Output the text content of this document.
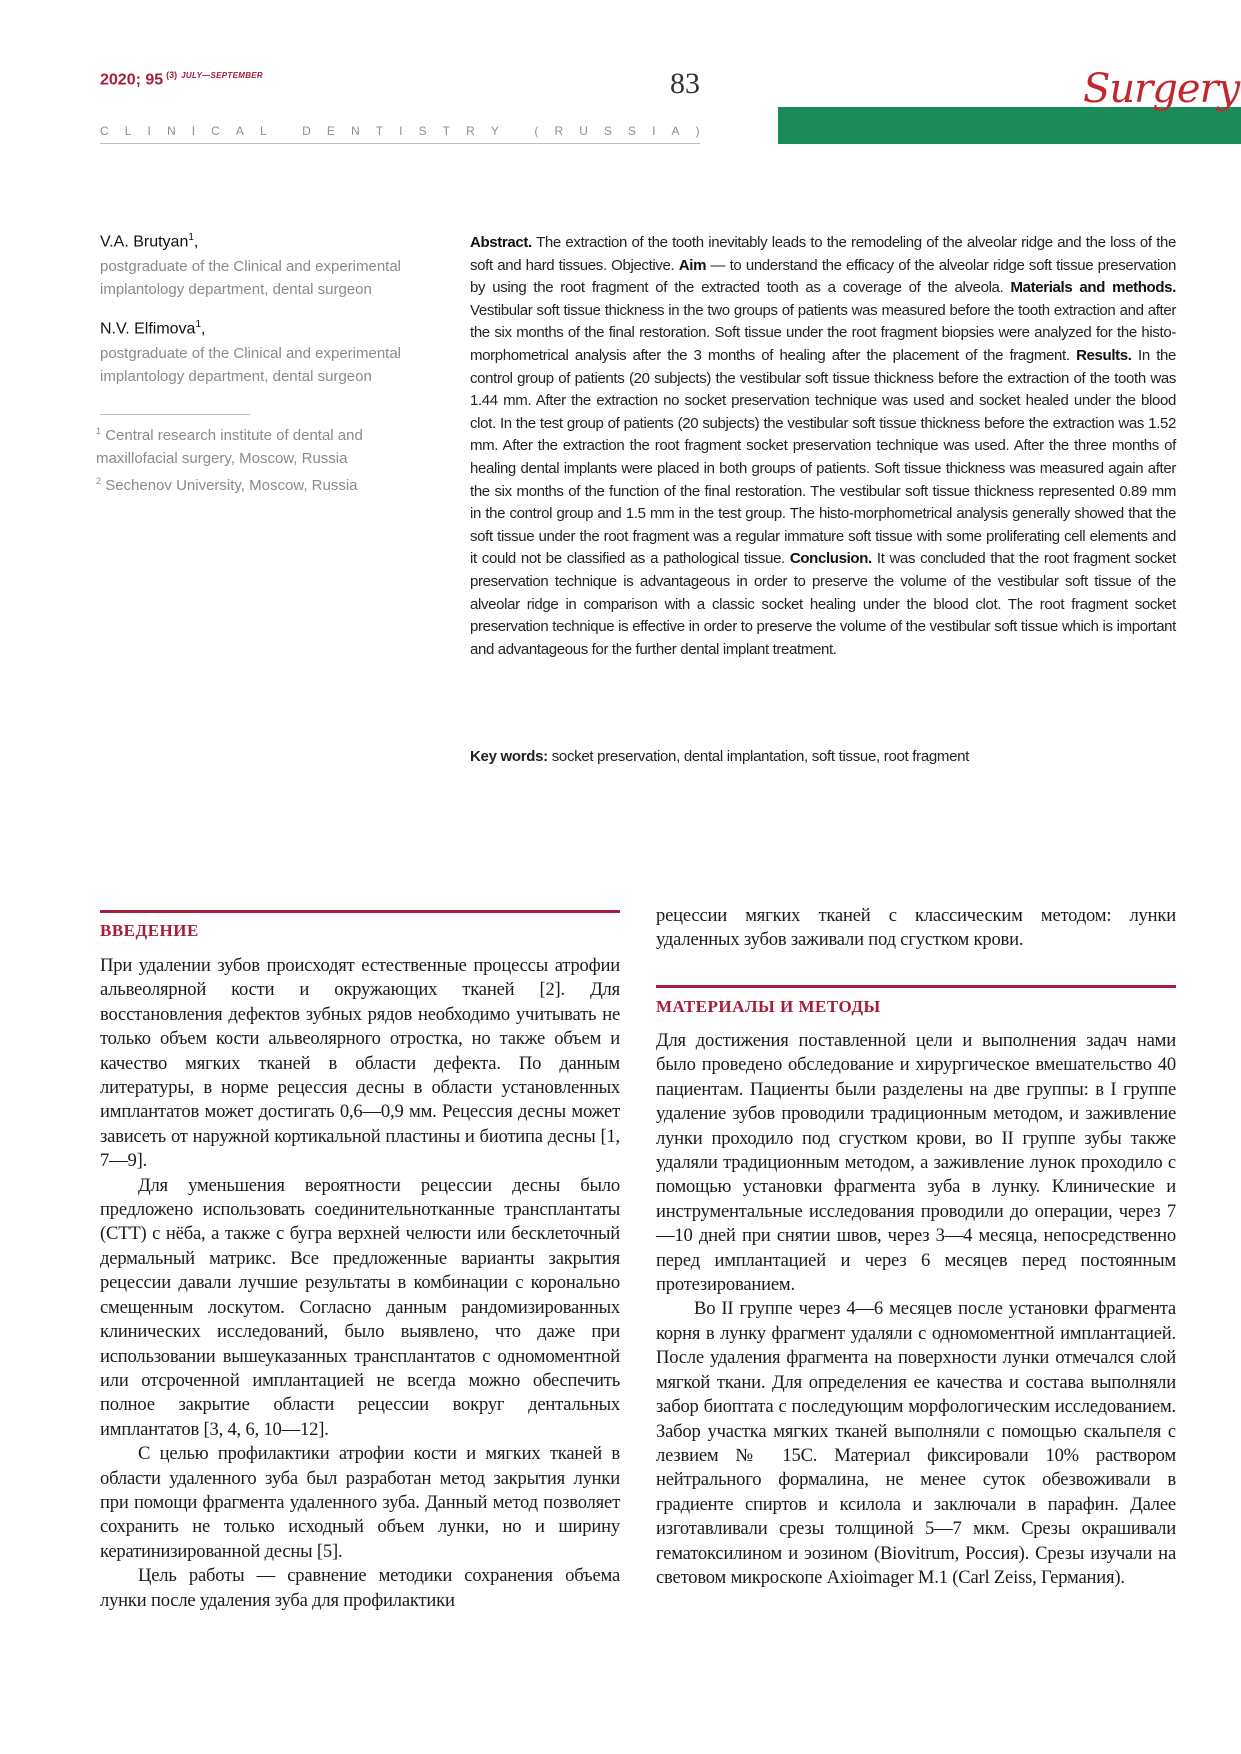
2020; 95 $^{(3)}$ $^{JULY—SEPTEMBER}$	83
C L I N I C A L
	D E N T I S T R Y
	( R U S S I A )
Surgery
V.A. Brutyan$^1$,
postgraduate of the Clinical and experimental implantology department, dental surgeon
N.V. Elfimova$^1$,
postgraduate of the Clinical and experimental implantology department, dental surgeon
$^1$ Central research institute of dental and maxillofacial surgery, Moscow, Russia
$^2$ Sechenov University, Moscow, Russia
Abstract. The extraction of the tooth inevitably leads to the remodeling of the alveolar ridge and the loss of the soft and hard tissues. Objective. Aim — to understand the efficacy of the alveolar ridge soft tissue preservation by using the root fragment of the extracted tooth as a coverage of the alveola. Materials and methods. Vestibular soft tissue thickness in the two groups of patients was measured before the tooth extraction and after the six months of the final restoration. Soft tissue under the root fragment biopsies were analyzed for the histo-morphometrical analysis after the 3 months of healing after the placement of the fragment. Results. In the control group of patients (20 subjects) the vestibular soft tissue thickness before the extraction of the tooth was 1.44 mm. After the extraction no socket preservation technique was used and socket healed under the blood clot. In the test group of patients (20 subjects) the vestibular soft tissue thickness before the extraction was 1.52 mm. After the extraction the root fragment socket preservation technique was used. After the three months of healing dental implants were placed in both groups of patients. Soft tissue thickness was measured again after the six months of the function of the final restoration. The vestibular soft tissue thickness represented 0.89 mm in the control group and 1.5 mm in the test group. The histo-morphometrical analysis generally showed that the soft tissue under the root fragment was a regular immature soft tissue with some proliferating cell elements and it could not be classified as a pathological tissue. Conclusion. It was concluded that the root fragment socket preservation technique is advantageous in order to preserve the volume of the vestibular soft tissue of the alveolar ridge in comparison with a classic socket healing under the blood clot. The root fragment socket preservation technique is effective in order to preserve the volume of the vestibular soft tissue which is important and advantageous for the further dental implant treatment.
Key words: socket preservation, dental implantation, soft tissue, root fragment
ВВЕДЕНИЕ

При удалении зубов происходят естественные процессы атрофии альвеолярной кости и окружающих тканей [2]. Для восстановления дефектов зубных рядов необходимо учитывать не только объем кости альвеолярного отростка, но также объем и качество мягких тканей в области дефекта. По данным литературы, в норме рецессия десны в области установленных имплантатов может достигать 0,6—0,9 мм. Рецессия десны может зависеть от наружной кортикальной пластины и биотипа десны [1, 7—9].

Для уменьшения вероятности рецессии десны было предложено использовать соединительнотканные трансплантаты (СТТ) с нёба, а также с бугра верхней челюсти или бесклеточный дермальный матрикс. Все предложенные варианты закрытия рецессии давали лучшие результаты в комбинации с коронально смещенным лоскутом. Согласно данным рандомизированных клинических исследований, было выявлено, что даже при использовании вышеуказанных трансплантатов с одномоментной или отсроченной имплантацией не всегда можно обеспечить полное закрытие области рецессии вокруг дентальных имплантатов [3, 4, 6, 10—12].

С целью профилактики атрофии кости и мягких тканей в области удаленного зуба был разработан метод закрытия лунки при помощи фрагмента удаленного зуба. Данный метод позволяет сохранить не только исходный объем лунки, но и ширину кератинизированной десны [5].

Цель работы — сравнение методики сохранения объема лунки после удаления зуба для профилактики

рецессии мягких тканей с классическим методом: лунки удаленных зубов заживали под сгустком крови.

МАТЕРИАЛЫ И МЕТОДЫ

Для достижения поставленной цели и выполнения задач нами было проведено обследование и хирургическое вмешательство 40 пациентам. Пациенты были разделены на две группы: в I группе удаление зубов проводили традиционным методом, и заживление лунки проходило под сгустком крови, во II группе зубы также удаляли традиционным методом, а заживление лунок проходило с помощью установки фрагмента зуба в лунку. Клинические и инструментальные исследования проводили до операции, через 7—10 дней при снятии швов, через 3—4 месяца, непосредственно перед имплантацией и через 6 месяцев перед постоянным протезированием.

Во II группе через 4—6 месяцев после установки фрагмента корня в лунку фрагмент удаляли с одномоментной имплантацией. После удаления фрагмента на поверхности лунки отмечался слой мягкой ткани. Для определения ее качества и состава выполняли забор биоптата с последующим морфологическим исследованием. Забор участка мягких тканей выполняли с помощью скальпеля с лезвием № 15С. Материал фиксировали 10% раствором нейтрального формалина, не менее суток обезвоживали в градиенте спиртов и ксилола и заключали в парафин. Далее изготавливали срезы толщиной 5—7 мкм. Срезы окрашивали гематоксилином и эозином (Biovitrum, Россия). Срезы изучали на световом микроскопе Axioimager M.1 (Carl Zeiss, Германия).
